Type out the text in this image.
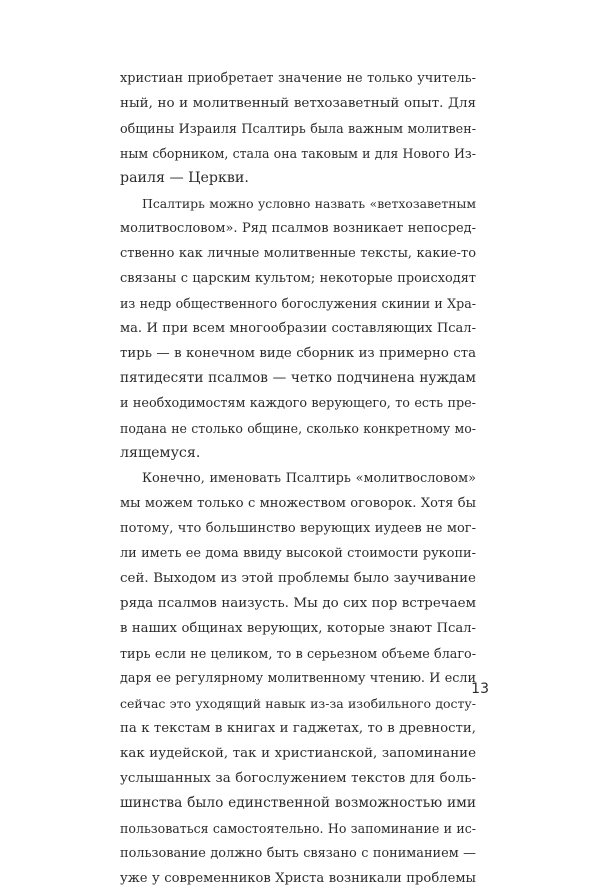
христиан приобретает значение не только учитель-
ный, но и молитвенный ветхозаветный опыт. Для
общины Израиля Псалтирь была важным молитвен-
ным сборником, стала она таковым и для Нового Из-
раиля — Церкви.
Псалтирь можно условно назвать «ветхозаветным
молитвословом». Ряд псалмов возникает непосред-
ственно как личные молитвенные тексты, какие-то
связаны с царским культом; некоторые происходят
из недр общественного богослужения скинии и Хра-
ма. И при всем многообразии составляющих Псал-
тирь — в конечном виде сборник из примерно ста
пятидесяти псалмов — четко подчинена нуждам
и необходимостям каждого верующего, то есть пре-
подана не столько общине, сколько конкретному мо-
лящемуся.
Конечно, именовать Псалтирь «молитвословом»
мы можем только с множеством оговорок. Хотя бы
потому, что большинство верующих иудеев не мог-
ли иметь ее дома ввиду высокой стоимости рукопи-
сей. Выходом из этой проблемы было заучивание
ряда псалмов наизусть. Мы до сих пор встречаем
в наших общинах верующих, которые знают Псал-
тирь если не целиком, то в серьезном объеме благо-
даря ее регулярному молитвенному чтению. И если
сейчас это уходящий навык из-за изобильного досту-
па к текстам в книгах и гаджетах, то в древности,
как иудейской, так и христианской, запоминание
услышанных за богослужением текстов для боль-
шинства было единственной возможностью ими
пользоваться самостоятельно. Но запоминание и ис-
пользование должно быть связано с пониманием —
уже у современников Христа возникали проблемы
13
